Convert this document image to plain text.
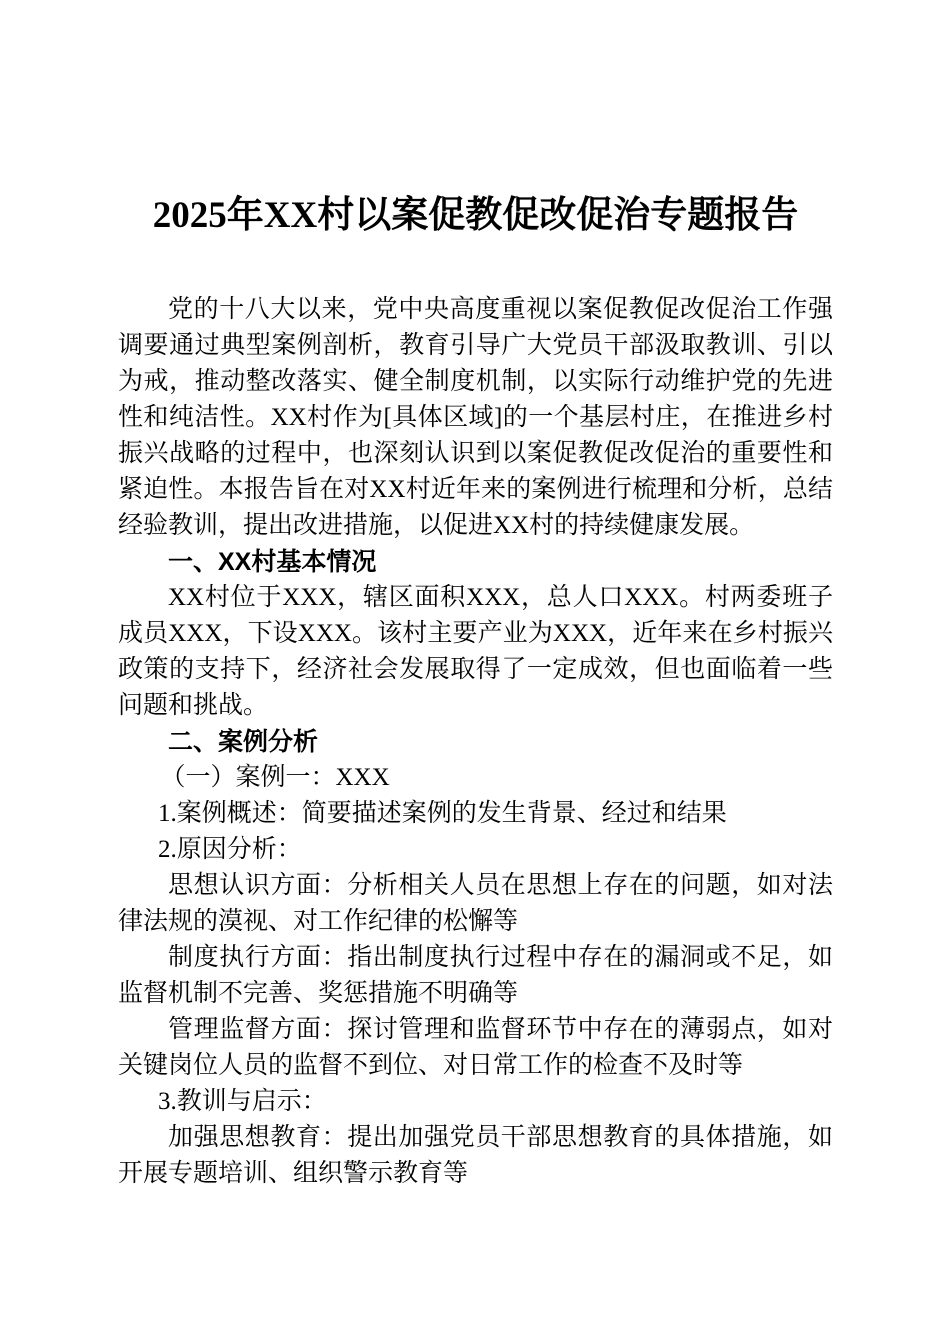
2025年XX村以案促教促改促治专题报告

党的十八大以来，党中央高度重视以案促教促改促治工作强调要通过典型案例剖析，教育引导广大党员干部汲取教训、引以为戒，推动整改落实、健全制度机制，以实际行动维护党的先进性和纯洁性。XX村作为[具体区域]的一个基层村庄，在推进乡村振兴战略的过程中，也深刻认识到以案促教促改促治的重要性和紧迫性。本报告旨在对XX村近年来的案例进行梳理和分析，总结经验教训，提出改进措施，以促进XX村的持续健康发展。

一、XX村基本情况

XX村位于XXX，辖区面积XXX，总人口XXX。村两委班子成员XXX，下设XXX。该村主要产业为XXX，近年来在乡村振兴政策的支持下，经济社会发展取得了一定成效，但也面临着一些问题和挑战。

二、案例分析
（一）案例一：XXX

1.案例概述：简要描述案例的发生背景、经过和结果

2.原因分析：

思想认识方面：分析相关人员在思想上存在的问题，如对法律法规的漠视、对工作纪律的松懈等

制度执行方面：指出制度执行过程中存在的漏洞或不足，如监督机制不完善、奖惩措施不明确等

管理监督方面：探讨管理和监督环节中存在的薄弱点，如对关键岗位人员的监督不到位、对日常工作的检查不及时等

3.教训与启示：

加强思想教育：提出加强党员干部思想教育的具体措施，如开展专题培训、组织警示教育等
